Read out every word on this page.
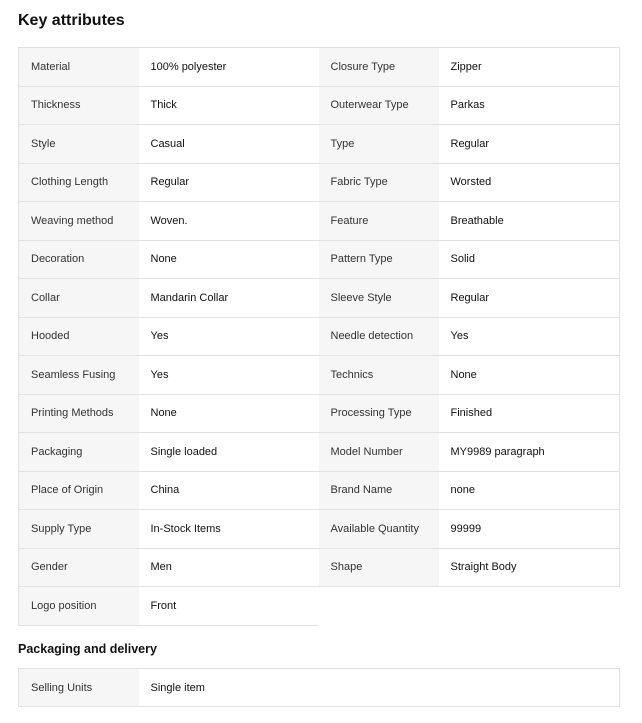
Key attributes
Material	100% polyester	Closure Type	Zipper
Thickness	Thick	Outerwear Type	Parkas
Style	Casual	Type	Regular
Clothing Length	Regular	Fabric Type	Worsted
Weaving method	Woven.	Feature	Breathable
Decoration	None	Pattern Type	Solid
Collar	Mandarin Collar	Sleeve Style	Regular
Hooded	Yes	Needle detection	Yes
Seamless Fusing	Yes	Technics	None
Printing Methods	None	Processing Type	Finished
Packaging	Single loaded	Model Number	MY9989 paragraph
Place of Origin	China	Brand Name	none
Supply Type	In-Stock Items	Available Quantity	99999
Gender	Men	Shape	Straight Body
Logo position	Front		
Packaging and delivery
Selling Units	Single item
